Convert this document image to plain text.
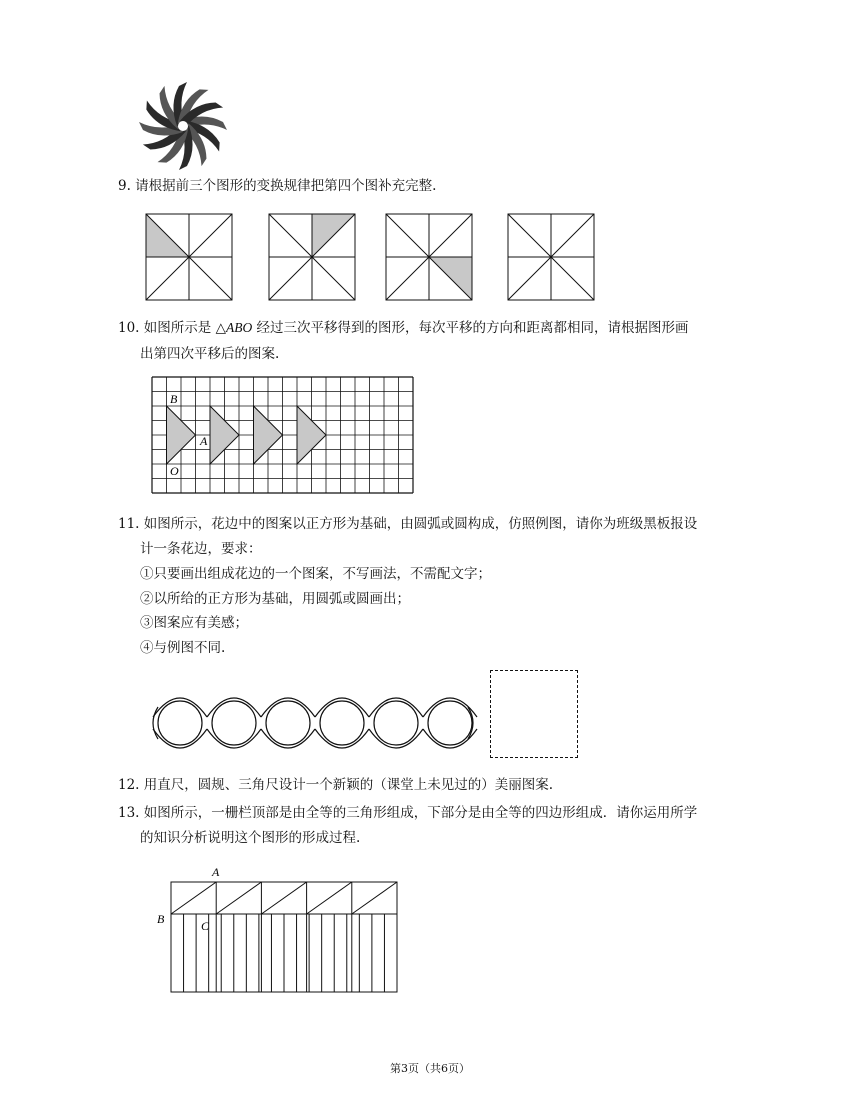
9. 请根据前三个图形的变换规律把第四个图补充完整.
10. 如图所示是 △ABO 经过三次平移得到的图形，每次平移的方向和距离都相同，请根据图形画
出第四次平移后的图案.
B
A
O
11. 如图所示，花边中的图案以正方形为基础，由圆弧或圆构成，仿照例图，请你为班级黑板报设
计一条花边，要求：
①只要画出组成花边的一个图案，不写画法，不需配文字；
②以所给的正方形为基础，用圆弧或圆画出；
③图案应有美感；
④与例图不同.
12. 用直尺，圆规、三角尺设计一个新颖的（课堂上未见过的）美丽图案.
13. 如图所示，一栅栏顶部是由全等的三角形组成，下部分是由全等的四边形组成．请你运用所学
的知识分析说明这个图形的形成过程.
A
B	C
第3页（共6页）
